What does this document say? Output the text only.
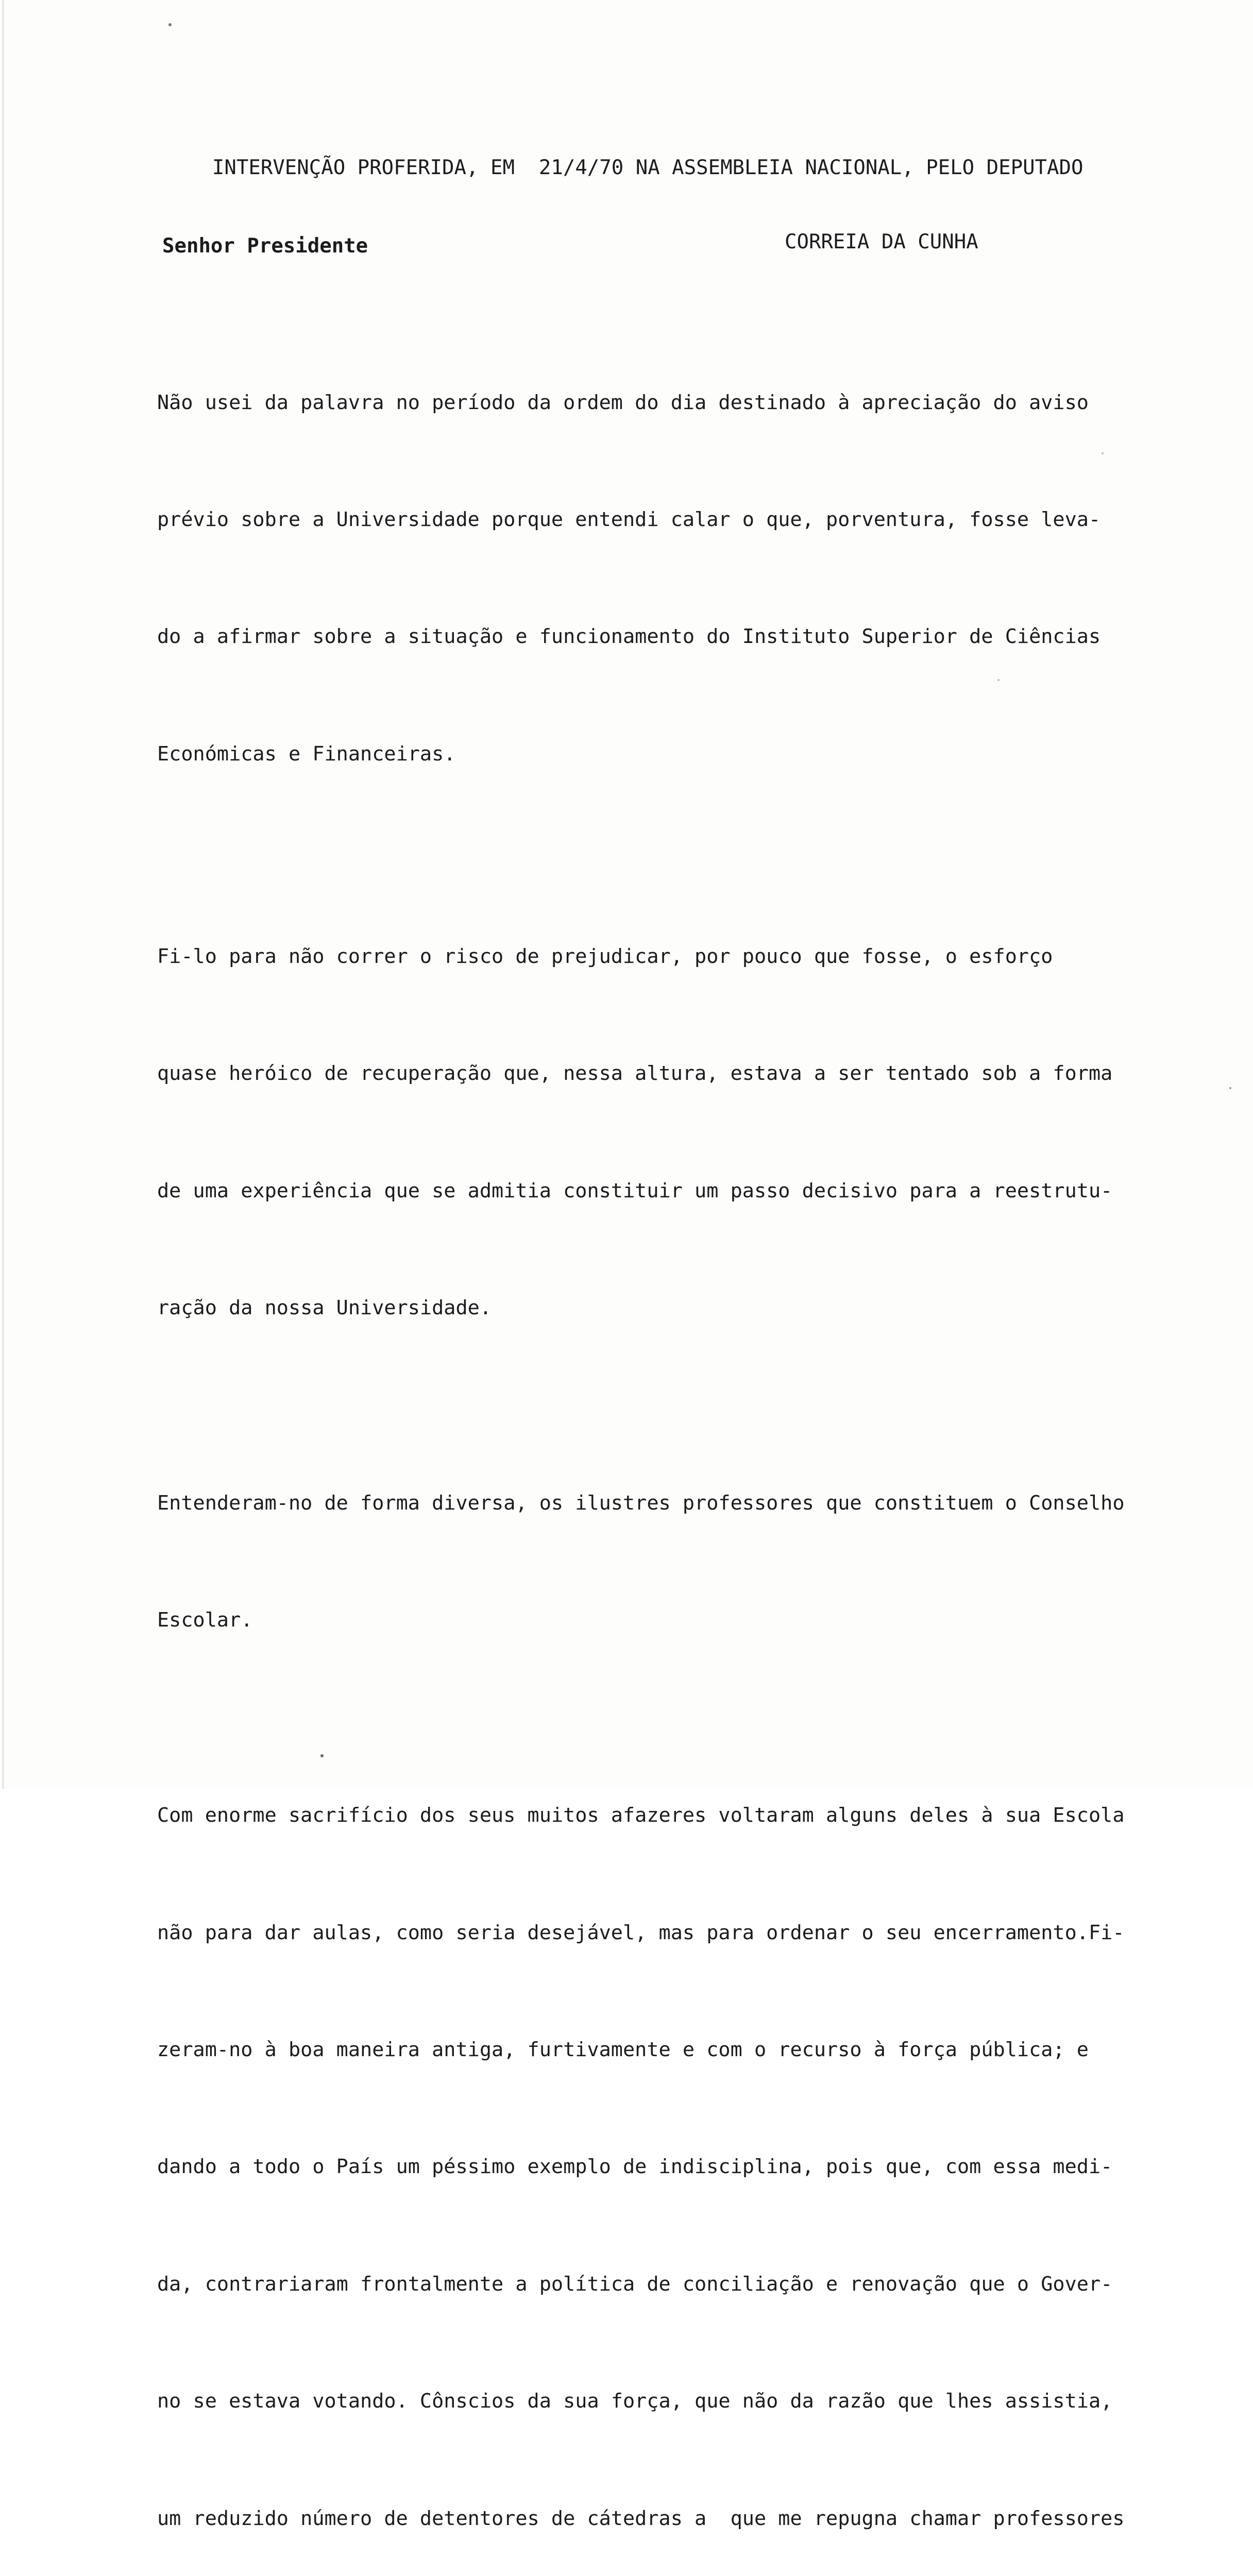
INTERVENÇÃO PROFERIDA, EM  21/4/70 NA ASSEMBLEIA NACIONAL, PELO DEPUTADO

CORREIA DA CUNHA

Senhor Presidente

Não usei da palavra no período da ordem do dia destinado à apreciação do aviso

prévio sobre a Universidade porque entendi calar o que, porventura, fosse leva-

do a afirmar sobre a situação e funcionamento do Instituto Superior de Ciências

Económicas e Financeiras.

Fi-lo para não correr o risco de prejudicar, por pouco que fosse, o esforço

quase heróico de recuperação que, nessa altura, estava a ser tentado sob a forma

de uma experiência que se admitia constituir um passo decisivo para a reestrutu-

ração da nossa Universidade.

Entenderam-no de forma diversa, os ilustres professores que constituem o Conselho

Escolar.

Com enorme sacrifício dos seus muitos afazeres voltaram alguns deles à sua Escola

não para dar aulas, como seria desejável, mas para ordenar o seu encerramento.Fi-

zeram-no à boa maneira antiga, furtivamente e com o recurso à força pública; e

dando a todo o País um péssimo exemplo de indisciplina, pois que, com essa medi-

da, contrariaram frontalmente a política de conciliação e renovação que o Gover-

no se estava votando. Cônscios da sua força, que não da razão que lhes assistia,

um reduzido número de detentores de cátedras a  que me repugna chamar professores
